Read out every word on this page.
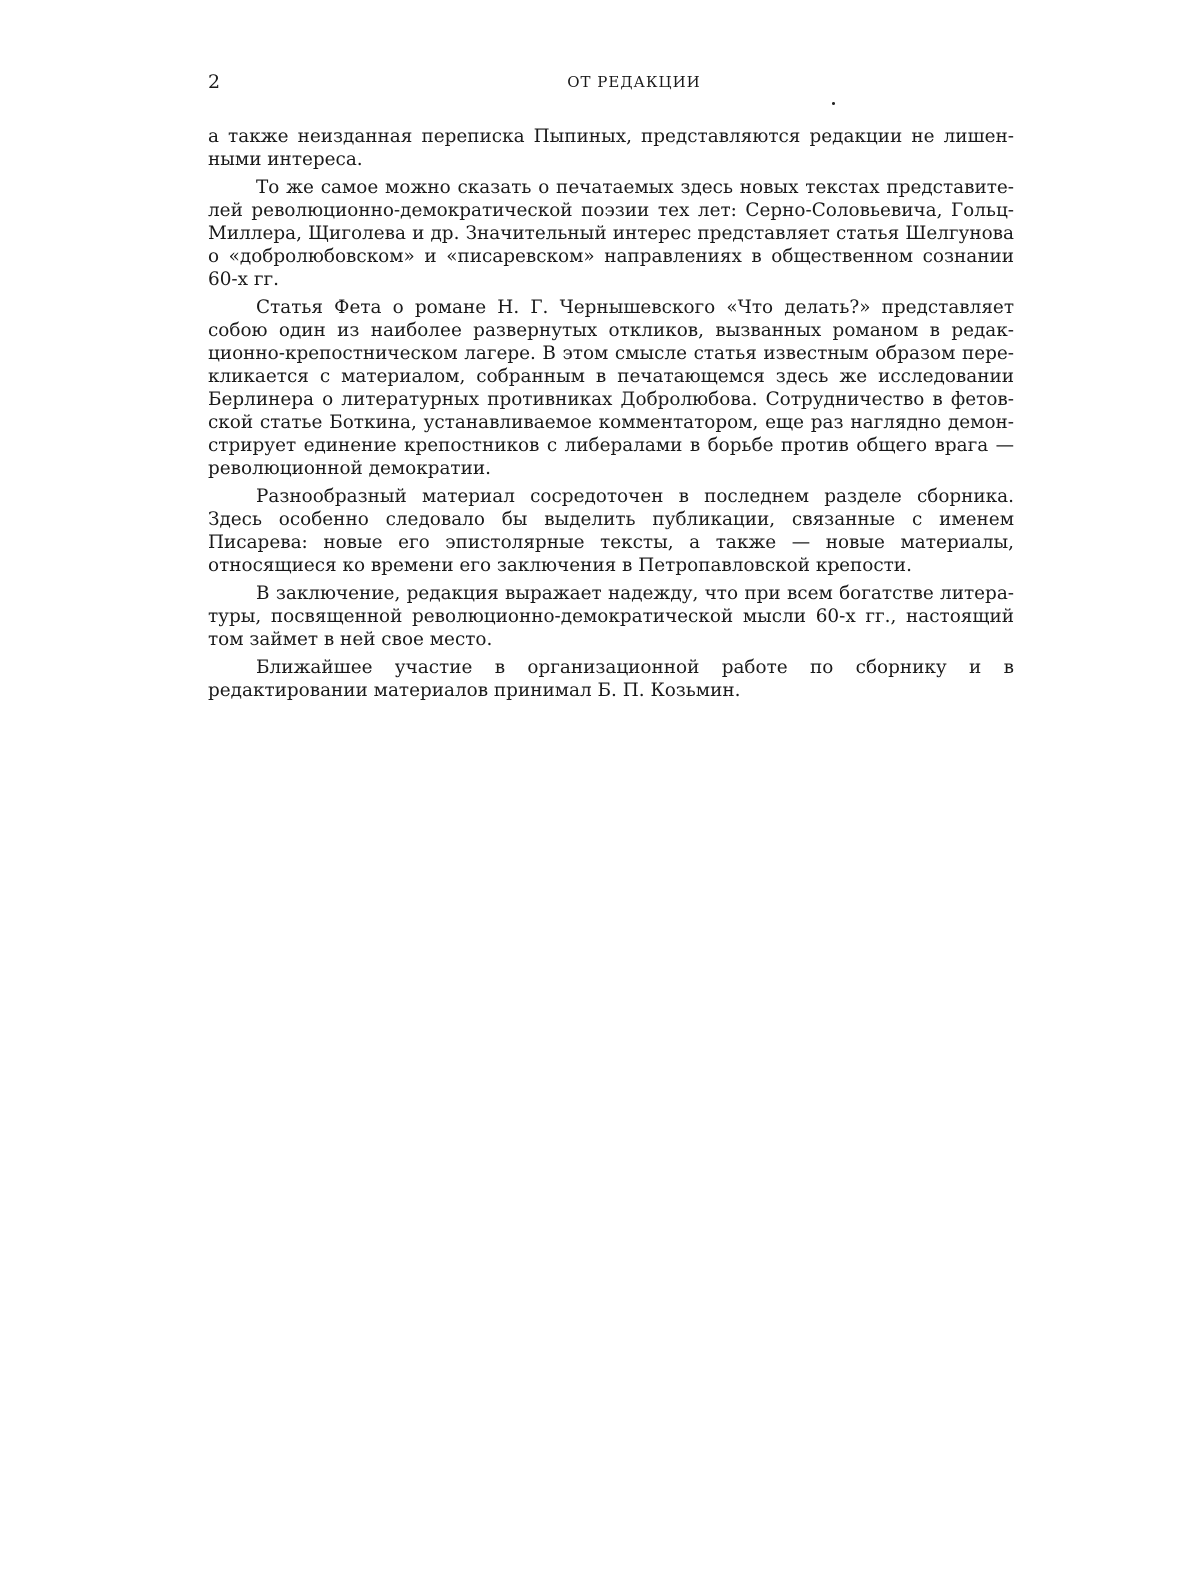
2	ОТ РЕДАКЦИИ

а также неизданная переписка Пыпиных, представляются редакции не лишенными интереса.

То же самое можно сказать о печатаемых здесь новых текстах представителей революционно-демократической поэзии тех лет: Серно-Соловьевича, Гольц-Миллера, Щиголева и др. Значительный интерес представляет статья Шелгунова о «добролюбовском» и «писаревском» направлениях в общественном сознании 60-х гг.

Статья Фета о романе Н. Г. Чернышевского «Что делать?» представляет собою один из наиболее развернутых откликов, вызванных романом в редакционно-крепостническом лагере. В этом смысле статья известным образом перекликается с материалом, собранным в печатающемся здесь же исследовании Берлинера о литературных противниках Добролюбова. Сотрудничество в фетовской статье Боткина, устанавливаемое комментатором, еще раз наглядно демонстрирует единение крепостников с либералами в борьбе против общего врага — революционной демократии.

Разнообразный материал сосредоточен в последнем разделе сборника. Здесь особенно следовало бы выделить публикации, связанные с именем Писарева: новые его эпистолярные тексты, а также — новые материалы, относящиеся ко времени его заключения в Петропавловской крепости.

В заключение, редакция выражает надежду, что при всем богатстве литературы, посвященной революционно-демократической мысли 60-х гг., настоящий том займет в ней свое место.

Ближайшее участие в организационной работе по сборнику и в редактировании материалов принимал Б. П. Козьмин.
